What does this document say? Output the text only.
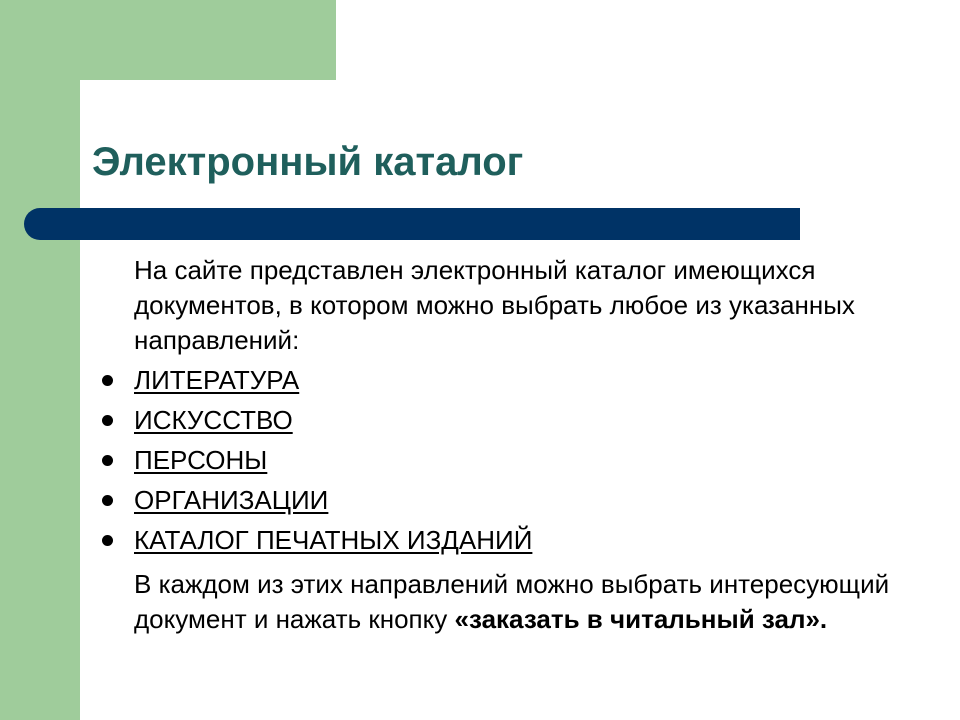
Электронный каталог

На сайте представлен электронный каталог имеющихся документов, в котором можно выбрать любое из указанных направлений:

ЛИТЕРАТУРА
ИСКУССТВО
ПЕРСОНЫ
ОРГАНИЗАЦИИ
КАТАЛОГ ПЕЧАТНЫХ ИЗДАНИЙ

В каждом из этих направлений можно выбрать интересующий документ и нажать кнопку «заказать в читальный зал».
